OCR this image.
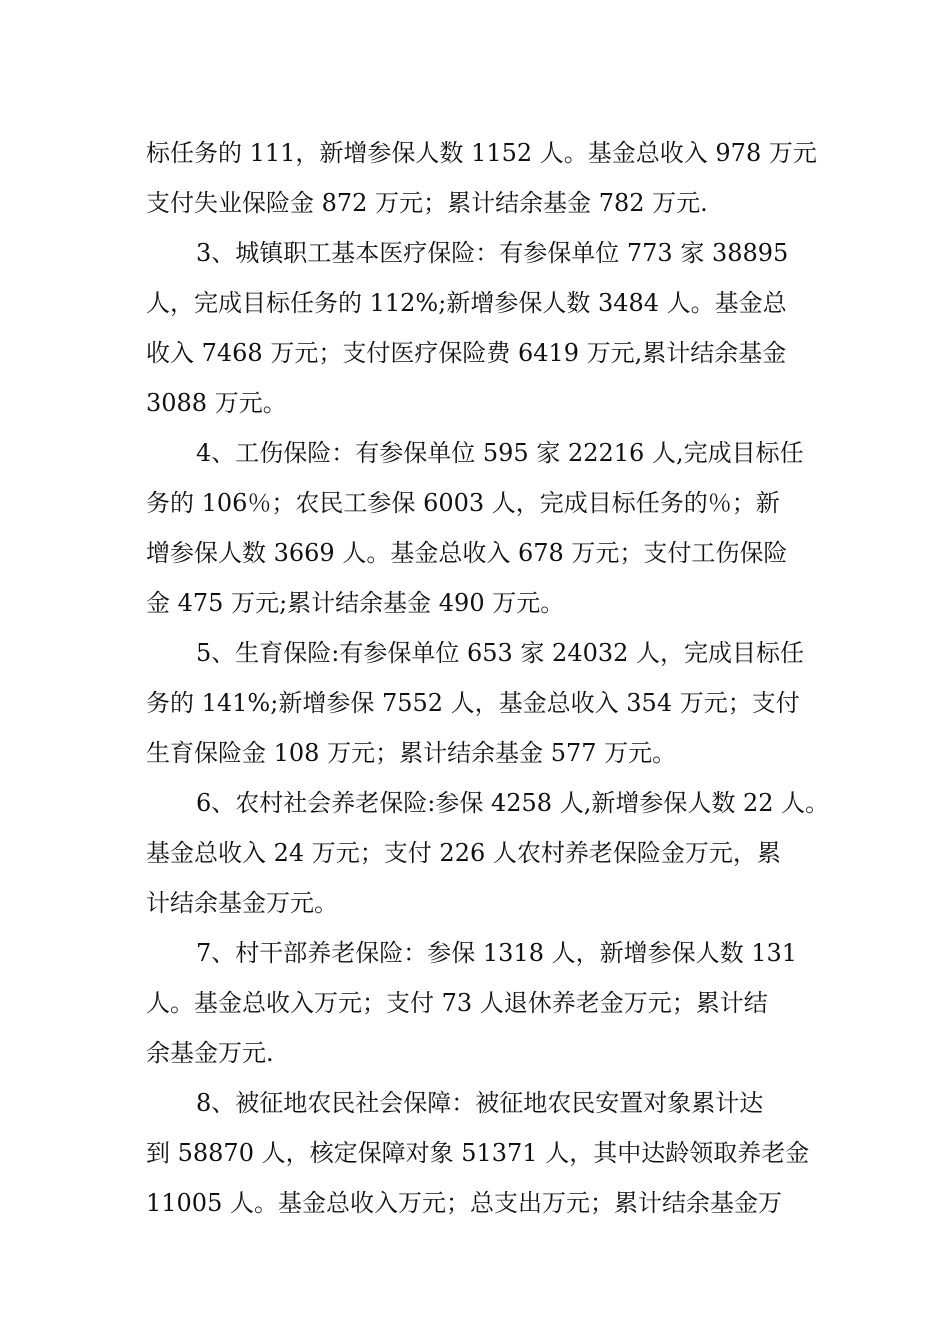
标任务的 111，新增参保人数 1152 人。基金总收入 978 万元
支付失业保险金 872 万元；累计结余基金 782 万元.
3、城镇职工基本医疗保险：有参保单位 773 家 38895
人，完成目标任务的 112%;新增参保人数 3484 人。基金总
收入 7468 万元；支付医疗保险费 6419 万元,累计结余基金
3088 万元。
4、工伤保险：有参保单位 595 家 22216 人,完成目标任
务的 106％；农民工参保 6003 人，完成目标任务的％；新
增参保人数 3669 人。基金总收入 678 万元；支付工伤保险
金 475 万元;累计结余基金 490 万元。
5、生育保险:有参保单位 653 家 24032 人，完成目标任
务的 141%;新增参保 7552 人，基金总收入 354 万元；支付
生育保险金 108 万元；累计结余基金 577 万元。
6、农村社会养老保险:参保 4258 人,新增参保人数 22 人。
基金总收入 24 万元；支付 226 人农村养老保险金万元，累
计结余基金万元。
7、村干部养老保险：参保 1318 人，新增参保人数 131
人。基金总收入万元；支付 73 人退休养老金万元；累计结
余基金万元.
8、被征地农民社会保障：被征地农民安置对象累计达
到 58870 人，核定保障对象 51371 人，其中达龄领取养老金
11005 人。基金总收入万元；总支出万元；累计结余基金万
